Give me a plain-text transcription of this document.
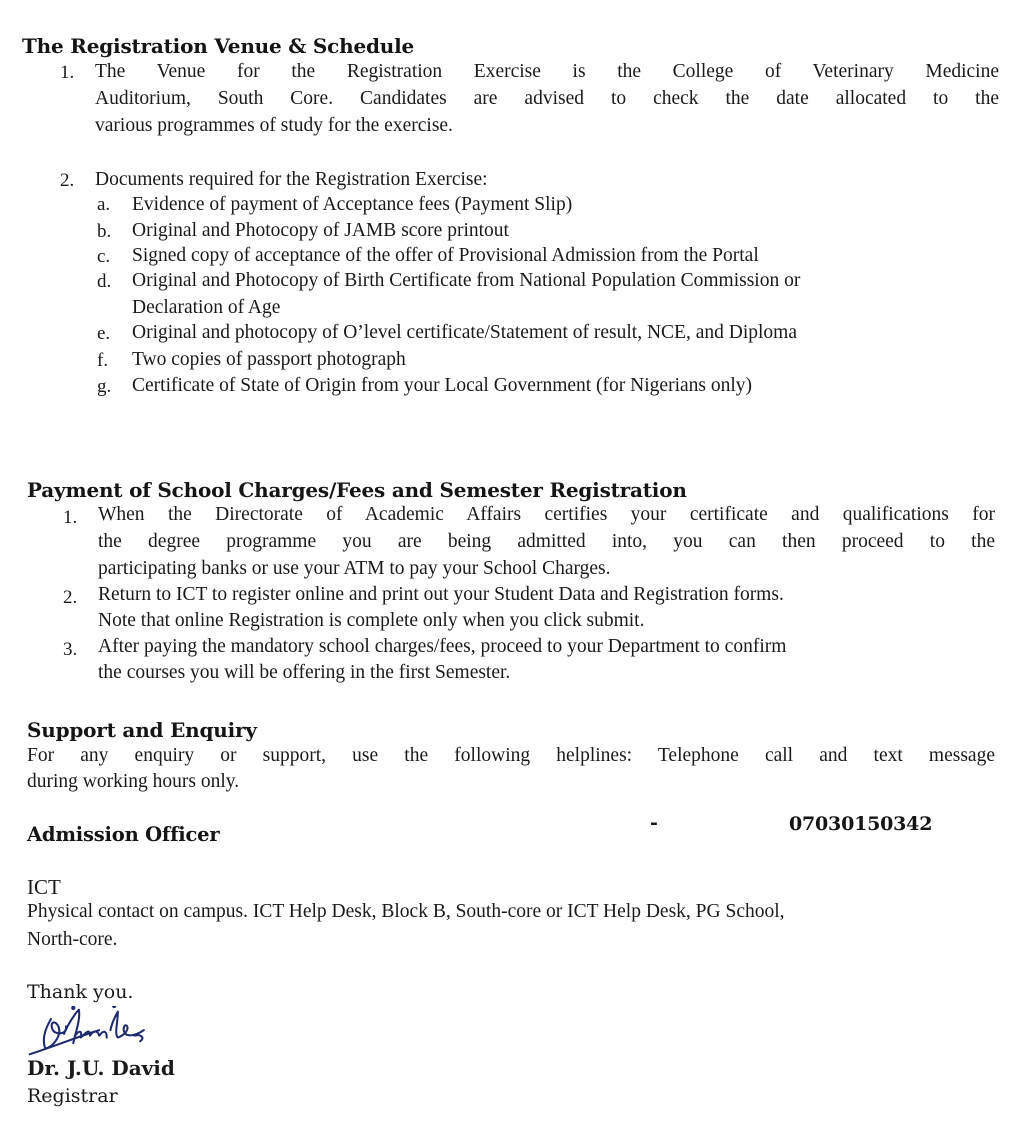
The Registration Venue & Schedule
1. The Venue for the Registration Exercise is the College of Veterinary Medicine
Auditorium, South Core. Candidates are advised to check the date allocated to the
various programmes of study for the exercise.
2. Documents required for the Registration Exercise:
a. Evidence of payment of Acceptance fees (Payment Slip)
b. Original and Photocopy of JAMB score printout
c. Signed copy of acceptance of the offer of Provisional Admission from the Portal
d. Original and Photocopy of Birth Certificate from National Population Commission or
Declaration of Age
e. Original and photocopy of O’level certificate/Statement of result, NCE, and Diploma
f. Two copies of passport photograph
g. Certificate of State of Origin from your Local Government (for Nigerians only)
Payment of School Charges/Fees and Semester Registration
1. When the Directorate of Academic Affairs certifies your certificate and qualifications for
the degree programme you are being admitted into, you can then proceed to the
participating banks or use your ATM to pay your School Charges.
2. Return to ICT to register online and print out your Student Data and Registration forms.
Note that online Registration is complete only when you click submit.
3. After paying the mandatory school charges/fees, proceed to your Department to confirm
the courses you will be offering in the first Semester.
Support and Enquiry
For any enquiry or support, use the following helplines: Telephone call and text message
during working hours only.
Admission Officer	-	07030150342
ICT
Physical contact on campus. ICT Help Desk, Block B, South-core or ICT Help Desk, PG School,
North-core.
Thank you.
Dr. J.U. David
Registrar
